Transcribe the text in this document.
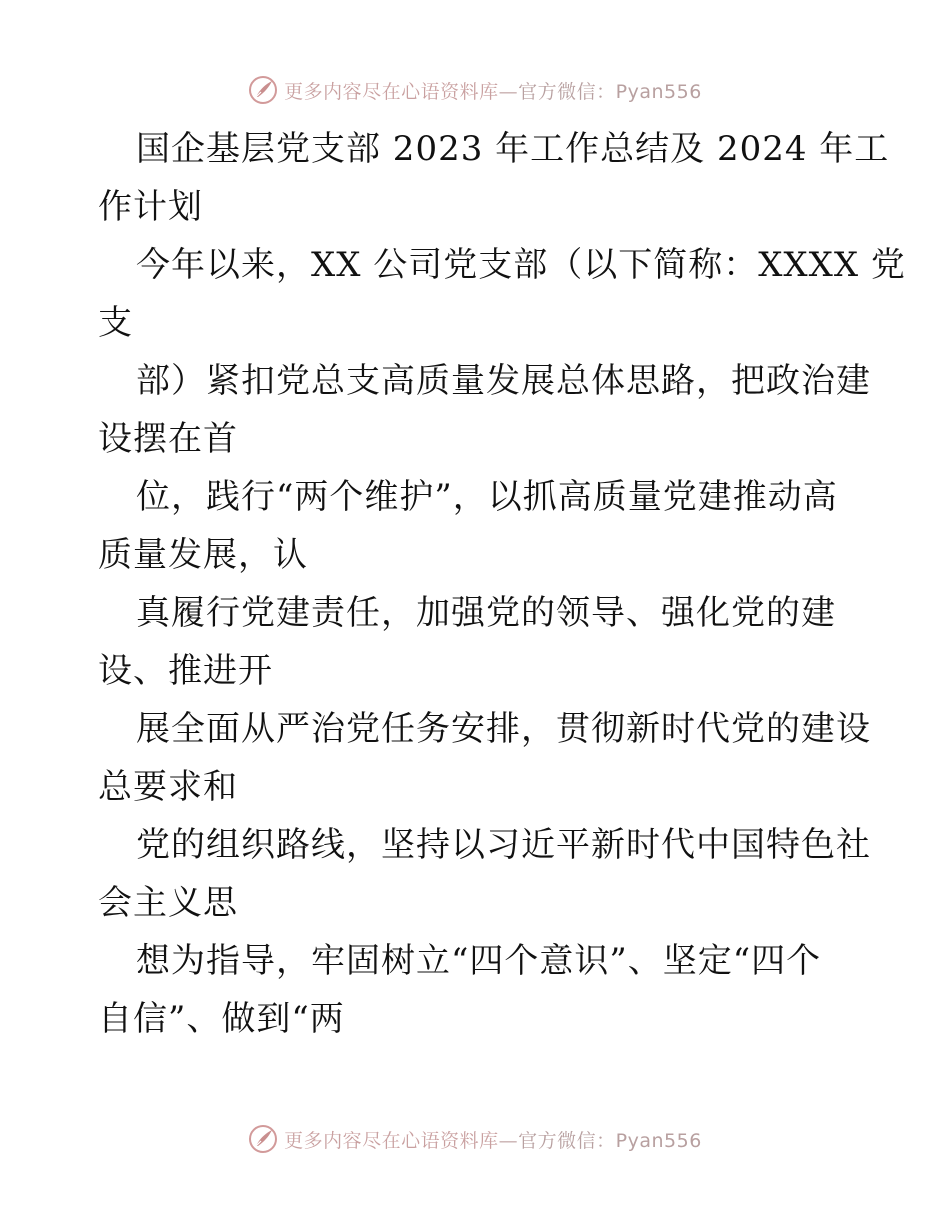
更多内容尽在心语资料库—官方微信：Pyan556
国企基层党支部 2023 年工作总结及 2024 年工
作计划
今年以来，XX 公司党支部（以下简称：XXXX 党
支
部）紧扣党总支高质量发展总体思路，把政治建
设摆在首
位，践行“两个维护”，以抓高质量党建推动高
质量发展，认
真履行党建责任，加强党的领导、强化党的建
设、推进开
展全面从严治党任务安排，贯彻新时代党的建设
总要求和
党的组织路线，坚持以习近平新时代中国特色社
会主义思
想为指导，牢固树立“四个意识”、坚定“四个
自信”、做到“两
更多内容尽在心语资料库—官方微信：Pyan556
